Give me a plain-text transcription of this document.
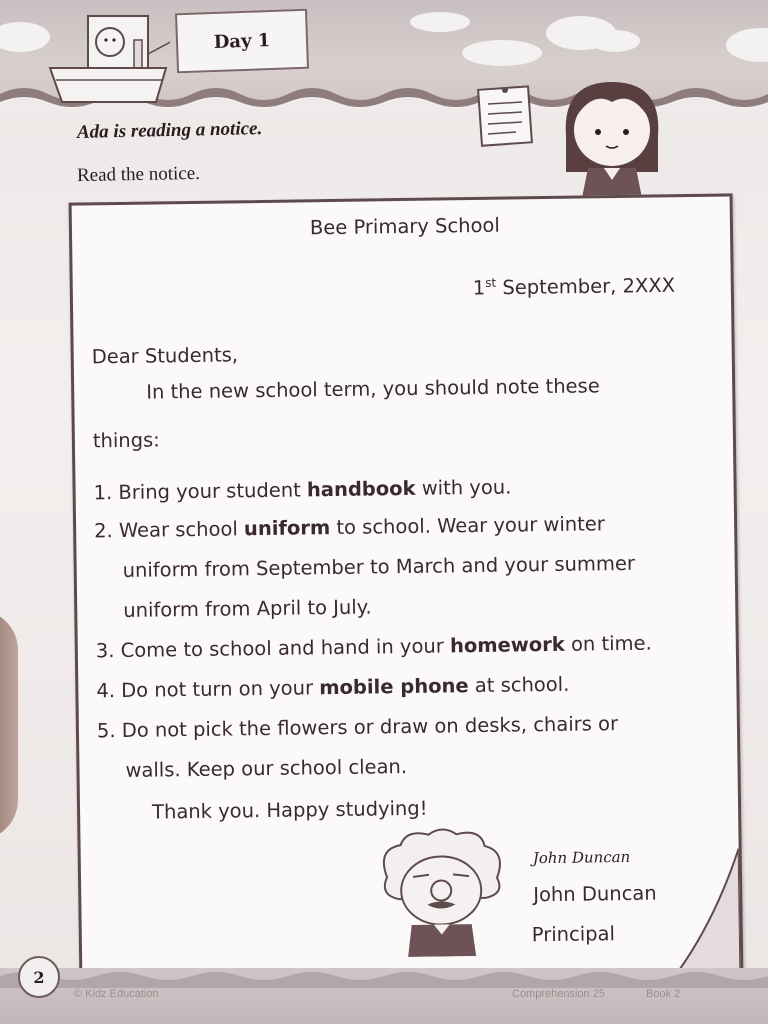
Day 1
Ada is reading a notice.
Read the notice.
Bee Primary School
1st September, 2XXX
Dear Students,
In the new school term, you should note these
things:
1. Bring your student handbook with you.
2. Wear school uniform to school. Wear your winter
uniform from September to March and your summer
uniform from April to July.
3. Come to school and hand in your homework on time.
4. Do not turn on your mobile phone at school.
5. Do not pick the flowers or draw on desks, chairs or
walls. Keep our school clean.
Thank you. Happy studying!
John Duncan
John Duncan
Principal
2
© Kidz Education	Comprehension 25	Book 2
